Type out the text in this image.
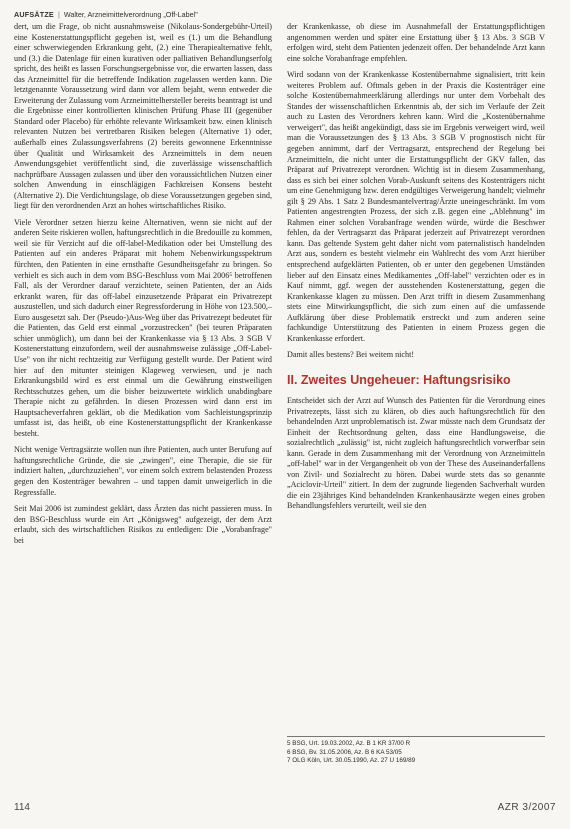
AUFSÄTZE | Walter, Arzneimittelverordnung „Off-Label"

dert, um die Frage, ob nicht ausnahmsweise (Nikolaus-Sondergebühr-Urteil) eine Kostenerstattungspflicht gegeben ist, weil es (1.) um die Behandlung einer schwerwiegenden Erkrankung geht, (2.) eine Therapiealternative fehlt, und (3.) die Datenlage für einen kurativen oder palliativen Behandlungserfolg spricht, des heißt es lassen Forschungsergebnisse vor, die erwarten lassen, dass das Arzneimittel für die betreffende Indikation zugelassen werden kann. Die letztgenannte Voraussetzung wird dann vor allem bejaht, wenn entweder die Erweiterung der Zulassung vom Arzneimittelhersteller bereits beantragt ist und die Ergebnisse einer kontrollierten klinischen Prüfung Phase III (gegenüber Standard oder Placebo) für erhöhte relevante Wirksamkeit bzw. einen klinisch relevanten Nutzen bei vertretbaren Risiken belegen (Alternative 1) oder, außerhalb eines Zulassungsverfahrens (2) bereits gewonnene Erkenntnisse über Qualität und Wirksamkeit des Arzneimittels in dem neuen Anwendungsgebiet veröffentlicht sind, die zuverlässige wissenschaftlich nachprüfbare Aussagen zulassen und über den voraussichtlichen Nutzen einer solchen Anwendung in einschlägigen Fachkreisen Konsens besteht (Alternative 2). Die Verdichtungslage, ob diese Voraussetzungen gegeben sind, liegt für den verordnenden Arzt an hohes wirtschaftliches Risiko.

Viele Verordner setzen hierzu keine Alternativen, wenn sie nicht auf der anderen Seite riskieren wollen, haftungsrechtlich in die Bredouille zu kommen, weil sie für Verzicht auf die off-label-Medikation oder bei Umstellung des Patienten auf ein anderes Präparat mit hohem Nebenwirkungsspektrum fürchten, den Patienten in eine ernsthafte Gesundheitsgefahr zu bringen. So verhielt es sich auch in dem vom BSG-Beschluss vom Mai 2006⁵ betroffenen Fall, als der Verordner darauf verzichtete, seinen Patienten, der an Aids erkrankt waren, für das off-label einzusetzende Präparat ein Privatrezept auszustellen, und sich dadurch einer Regressforderung in Höhe von 123.500,– Euro ausgesetzt sah. Der (Pseudo-)Aus-Weg über das Privatrezept bedeutet für die Patienten, das Geld erst einmal „vorzustrecken" (bei teuren Präparaten schier unmöglich), um dann bei der Krankenkasse via § 13 Abs. 3 SGB V Kostenerstattung einzufordern, weil der ausnahmsweise zulässige „Off-Label-Use" von ihr nicht rechtzeitig zur Verfügung gestellt wurde. Der Patient wird hier auf den mitunter steinigen Klageweg verwiesen, und je nach Erkrankungsbild wird es erst einmal um die Gewährung einstweiligen Rechtsschutzes gehen, um die bisher beizuwertete wirklich unabdingbare Therapie nicht zu gefährden. In diesen Prozessen wird dann erst im Hauptsacheverfahren geklärt, ob die Medikation vom Sachleistungsprinzip umfasst ist, das heißt, ob eine Kostenerstattungspflicht der Krankenkasse besteht.

Nicht wenige Vertragsärzte wollen nun ihre Patienten, auch unter Berufung auf haftungsrechtliche Gründe, die sie „zwingen", eine Therapie, die sie für indiziert halten, „durchzuziehen", vor einem solch extrem belastenden Prozess gegen den Kostenträger bewahren – und tappen damit unweigerlich in die Regressfalle.

Seit Mai 2006 ist zumindest geklärt, dass Ärzten das nicht passieren muss. In den BSG-Beschluss wurde ein Art „Königsweg" aufgezeigt, der dem Arzt erlaubt, sich des wirtschaftlichen Risikos zu entledigen: Die „Vorabanfrage" bei

der Krankenkasse, ob diese im Ausnahmefall der Erstattungspflichtigen angenommen werden und später eine Erstattung über § 13 Abs. 3 SGB V erfolgen wird, steht dem Patienten jedenzeit offen. Der behandelnde Arzt kann eine solche Vorabanfrage empfehlen.

Wird sodann von der Krankenkasse Kostenübernahme signalisiert, tritt kein weiteres Problem auf. Oftmals geben in der Praxis die Kostenträger eine solche Kostenübernahmeerklärung allerdings nur unter dem Vorbehalt des Standes der wissenschaftlichen Erkenntnis ab, der sich im Verlaufe der Zeit auch zu Lasten des Verordners kehren kann. Wird die „Kostenübernahme verweigert", das heißt angekündigt, dass sie im Ergebnis verweigert wird, weil man die Voraussetzungen des § 13 Abs. 3 SGB V prognostisch nicht für gegeben annimmt, darf der Vertragsarzt, entsprechend der Regelung bei Arzneimitteln, die nicht unter die Erstattungspflicht der GKV fallen, das Präparat auf Privatrezept verordnen. Wichtig ist in diesem Zusammenhang, dass es sich bei einer solchen Vorab-Auskunft seitens des Kostenträgers nicht um eine Genehmigung bzw. deren endgültiges Verweigerung handelt; vielmehr gilt § 29 Abs. 1 Satz 2 Bundesmantelvertrag/Ärzte uneingeschränkt. Im vom Patienten angestrengten Prozess, der sich z.B. gegen eine „Ablehnung" im Rahmen einer solchen Vorabanfrage wenden würde, würde die Beschwer fehlen, da der Vertragsarzt das Präparat jederzeit auf Privatrezept verordnen kann. Das geltende System geht daher nicht vom paternalistisch handelnden Arzt aus, sondern es besteht vielmehr ein Wahlrecht des vom Arzt hierüber entsprechend aufgeklärten Patienten, ob er unter den gegebenen Umständen lieber auf den Einsatz eines Medikamentes „Off-label" verzichten oder es in Kauf nimmt, ggf. wegen der ausstehenden Kostenerstattung, gegen die Krankenkasse klagen zu müssen. Den Arzt trifft in diesem Zusammenhang stets eine Mitwirkungspflicht, die sich zum einen auf die umfassende Aufklärung über diese Problematik erstreckt und zum anderen seine fachkundige Unterstützung des Patienten in einem Prozess gegen die Krankenkasse erfordert.

Damit alles bestens? Bei weitem nicht!

II. Zweites Ungeheuer: Haftungsrisiko

Entscheidet sich der Arzt auf Wunsch des Patienten für die Verordnung eines Privatrezepts, lässt sich zu klären, ob dies auch haftungsrechtlich für den behandelnden Arzt unproblematisch ist. Zwar müsste nach dem Grundsatz der Einheit der Rechtsordnung gelten, dass eine Handlungsweise, die sozialrechtlich „zulässig" ist, nicht zugleich haftungsrechtlich vorwerfbar sein kann. Gerade in dem Zusammenhang mit der Verordnung von Arzneimitteln „off-label" war in der Vergangenheit ob von der These des Auseinanderfallens von Zivil- und Sozialrecht zu hören. Dabei wurde stets das so genannte „Aciclovir-Urteil" zitiert. In dem der zugrunde liegenden Sachverhalt wurden die ein 23jähriges Kind behandelnden Krankenhausärzte wegen eines groben Behandlungsfehlers verurteilt, weil sie den

5 BSG, Urt. 19.03.2002, Az. B 1 KR 37/00 R
6 BSG, Bv. 31.05.2006, Az. B 6 KA 53/05
7 OLG Köln, Urt. 30.05.1990, Az. 27 U 169/89
114	AZR 3/2007
